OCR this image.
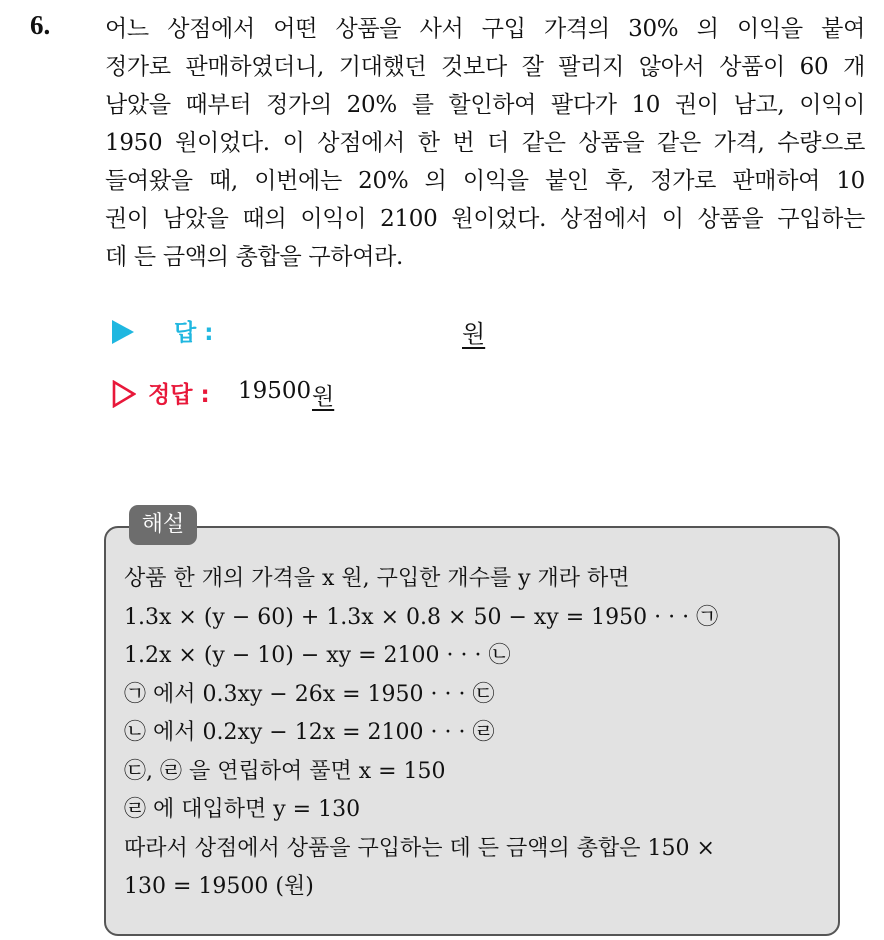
6. 어느 상점에서 어떤 상품을 사서 구입 가격의 30% 의 이익을 붙여
정가로 판매하였더니, 기대했던 것보다 잘 팔리지 않아서 상품이 60 개
남았을 때부터 정가의 20% 를 할인하여 팔다가 10 권이 남고, 이익이
1950 원이었다. 이 상점에서 한 번 더 같은 상품을 같은 가격, 수량으로
들여왔을 때, 이번에는 20% 의 이익을 붙인 후, 정가로 판매하여 10
권이 남았을 때의 이익이 2100 원이었다. 상점에서 이 상품을 구입하는
데 든 금액의 총합을 구하여라.
답 :	원
정답 : 19500 원
해설
상품 한 개의 가격을 x 원, 구입한 개수를 y 개라 하면
1.3x × (y − 60) + 1.3x × 0.8 × 50 − xy = 1950 · · · ㉠
1.2x × (y − 10) − xy = 2100 · · · ㉡
㉠ 에서 0.3xy − 26x = 1950 · · · ㉢
㉡ 에서 0.2xy − 12x = 2100 · · · ㉣
㉢, ㉣ 을 연립하여 풀면 x = 150
㉣ 에 대입하면 y = 130
따라서 상점에서 상품을 구입하는 데 든 금액의 총합은 150 ×
130 = 19500 (원)
